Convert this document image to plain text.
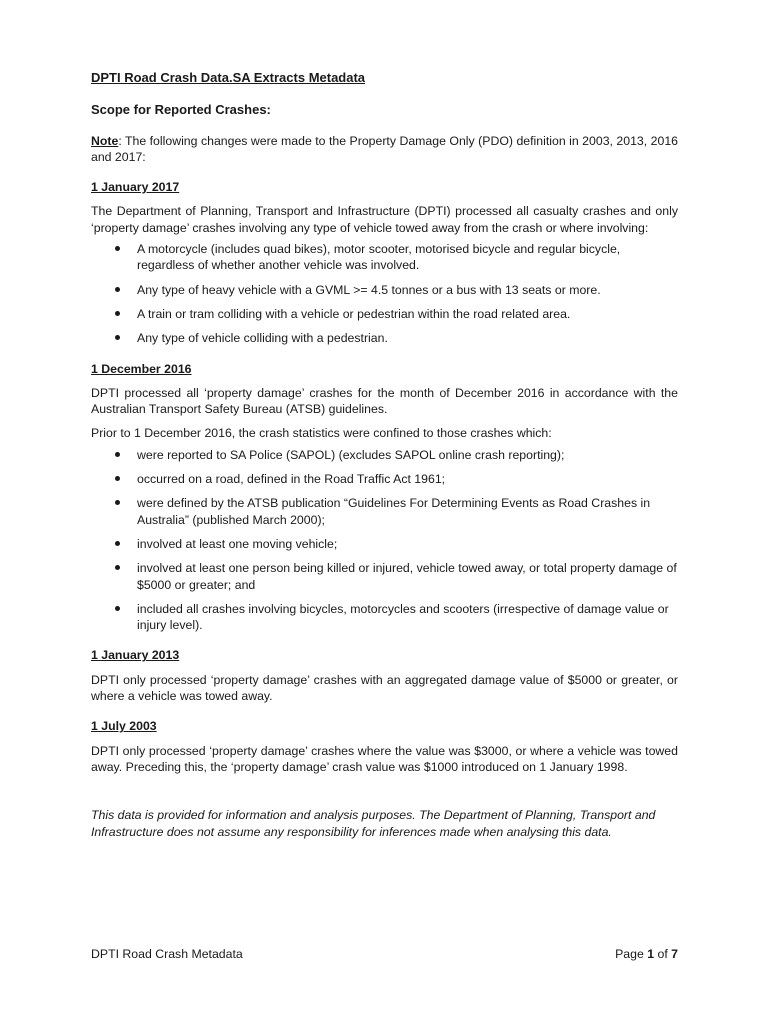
DPTI Road Crash Data.SA Extracts Metadata

Scope for Reported Crashes:

Note: The following changes were made to the Property Damage Only (PDO) definition in 2003, 2013, 2016 and 2017:

1 January 2017

The Department of Planning, Transport and Infrastructure (DPTI) processed all casualty crashes and only ‘property damage’ crashes involving any type of vehicle towed away from the crash or where involving:

A motorcycle (includes quad bikes), motor scooter, motorised bicycle and regular bicycle, regardless of whether another vehicle was involved.
Any type of heavy vehicle with a GVML >= 4.5 tonnes or a bus with 13 seats or more.
A train or tram colliding with a vehicle or pedestrian within the road related area.
Any type of vehicle colliding with a pedestrian.

1 December 2016

DPTI processed all ‘property damage’ crashes for the month of December 2016 in accordance with the Australian Transport Safety Bureau (ATSB) guidelines.

Prior to 1 December 2016, the crash statistics were confined to those crashes which:

were reported to SA Police (SAPOL) (excludes SAPOL online crash reporting);
occurred on a road, defined in the Road Traffic Act 1961;
were defined by the ATSB publication “Guidelines For Determining Events as Road Crashes in Australia” (published March 2000);
involved at least one moving vehicle;
involved at least one person being killed or injured, vehicle towed away, or total property damage of $5000 or greater; and
included all crashes involving bicycles, motorcycles and scooters (irrespective of damage value or injury level).

1 January 2013

DPTI only processed ‘property damage’ crashes with an aggregated damage value of $5000 or greater, or where a vehicle was towed away.

1 July 2003

DPTI only processed ‘property damage’ crashes where the value was $3000, or where a vehicle was towed away. Preceding this, the ‘property damage’ crash value was $1000 introduced on 1 January 1998.

This data is provided for information and analysis purposes. The Department of Planning, Transport and Infrastructure does not assume any responsibility for inferences made when analysing this data.

DPTI Road Crash Metadata	Page 1 of 7
